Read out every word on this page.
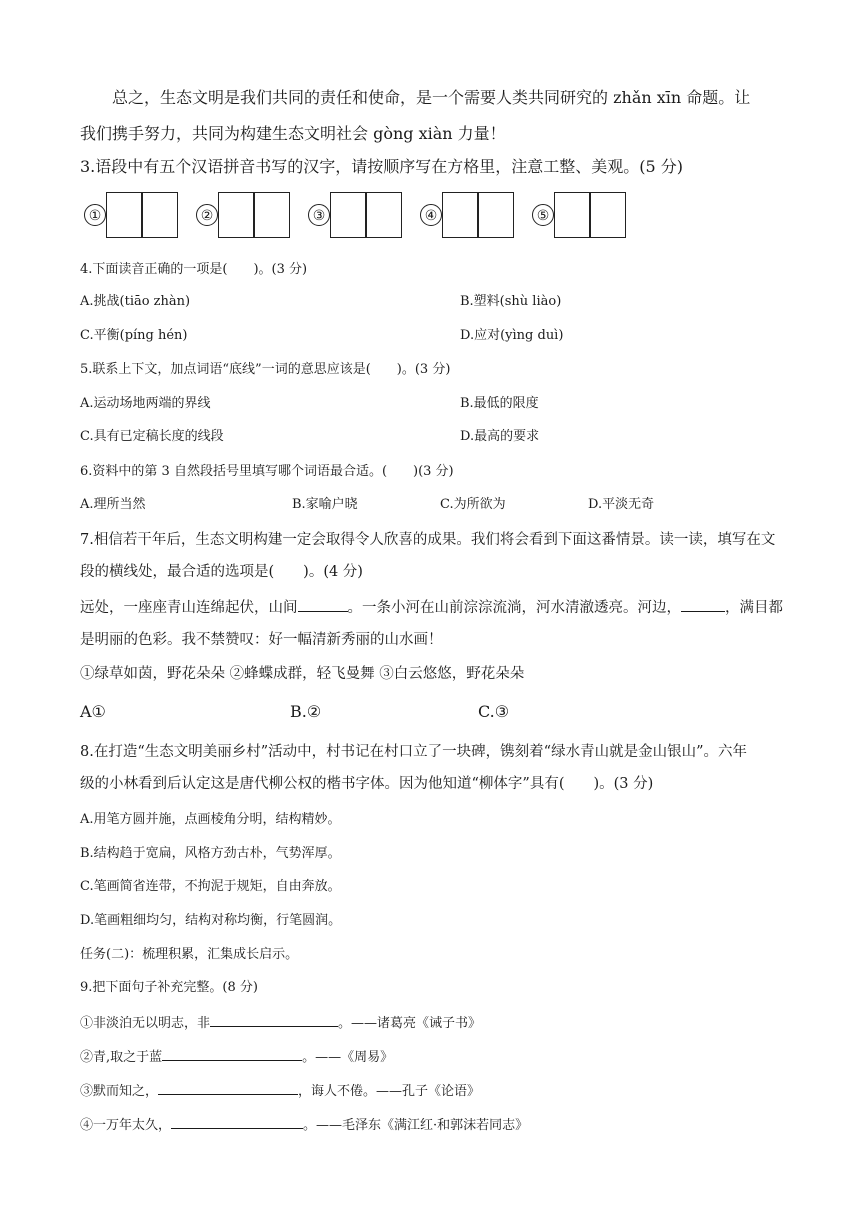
总之，生态文明是我们共同的责任和使命，是一个需要人类共同研究的 zhǎn xīn 命题。让
我们携手努力，共同为构建生态文明社会 gòng xiàn 力量！
3.语段中有五个汉语拼音书写的汉字，请按顺序写在方格里，注意工整、美观。(5 分)
①	②	③	④	⑤
4.下面读音正确的一项是(　　)。(3 分)
A.挑战(tiāo zhàn)	B.塑料(shù liào)
C.平衡(píng hén)	D.应对(yìng duì)
5.联系上下文，加点词语“底线”一词的意思应该是(　　)。(3 分)
A.运动场地两端的界线	B.最低的限度
C.具有已定稿长度的线段	D.最高的要求
6.资料中的第 3 自然段括号里填写哪个词语最合适。(　　)(3 分)
A.理所当然	B.家喻户晓	C.为所欲为	D.平淡无奇
7.相信若干年后，生态文明构建一定会取得令人欣喜的成果。我们将会看到下面这番情景。读一读，填写在文
段的横线处，最合适的选项是(　　)。(4 分)
远处，一座座青山连绵起伏，山间	。一条小河在山前淙淙流淌，河水清澈透亮。河边，	，满目都
是明丽的色彩。我不禁赞叹：好一幅清新秀丽的山水画！
①绿草如茵，野花朵朵 ②蜂蝶成群，轻飞曼舞 ③白云悠悠，野花朵朵
A①	B.②	C.③
8.在打造“生态文明美丽乡村”活动中，村书记在村口立了一块碑，镌刻着“绿水青山就是金山银山”。六年
级的小林看到后认定这是唐代柳公权的楷书字体。因为他知道“柳体字”具有(　　)。(3 分)
A.用笔方圆并施，点画棱角分明，结构精妙。
B.结构趋于宽扁，风格方劲古朴，气势浑厚。
C.笔画简省连带，不拘泥于规矩，自由奔放。
D.笔画粗细均匀，结构对称均衡，行笔圆润。
任务(二)：梳理积累，汇集成长启示。
9.把下面句子补充完整。(8 分)
①非淡泊无以明志，非	。——诸葛亮《诫子书》
②青,取之于蓝	。——《周易》
③默而知之，	，诲人不倦。——孔子《论语》
④一万年太久，	。——毛泽东《满江红·和郭沫若同志》
